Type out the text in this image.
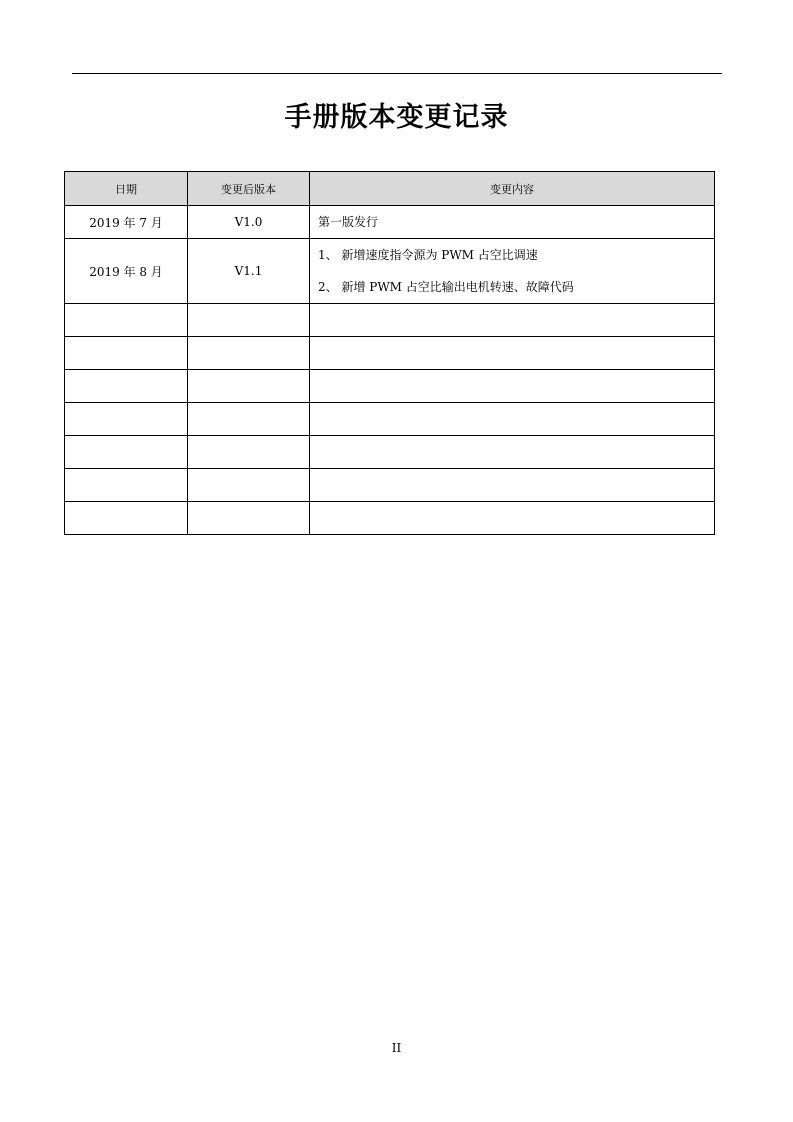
手册版本变更记录
日期	变更后版本	变更内容
2019 年 7 月	V1.0	第一版发行

2019 年 8 月	V1.1	1、 新增速度指令源为 PWM 占空比调速
2、 新增 PWM 占空比输出电机转速、故障代码

II
